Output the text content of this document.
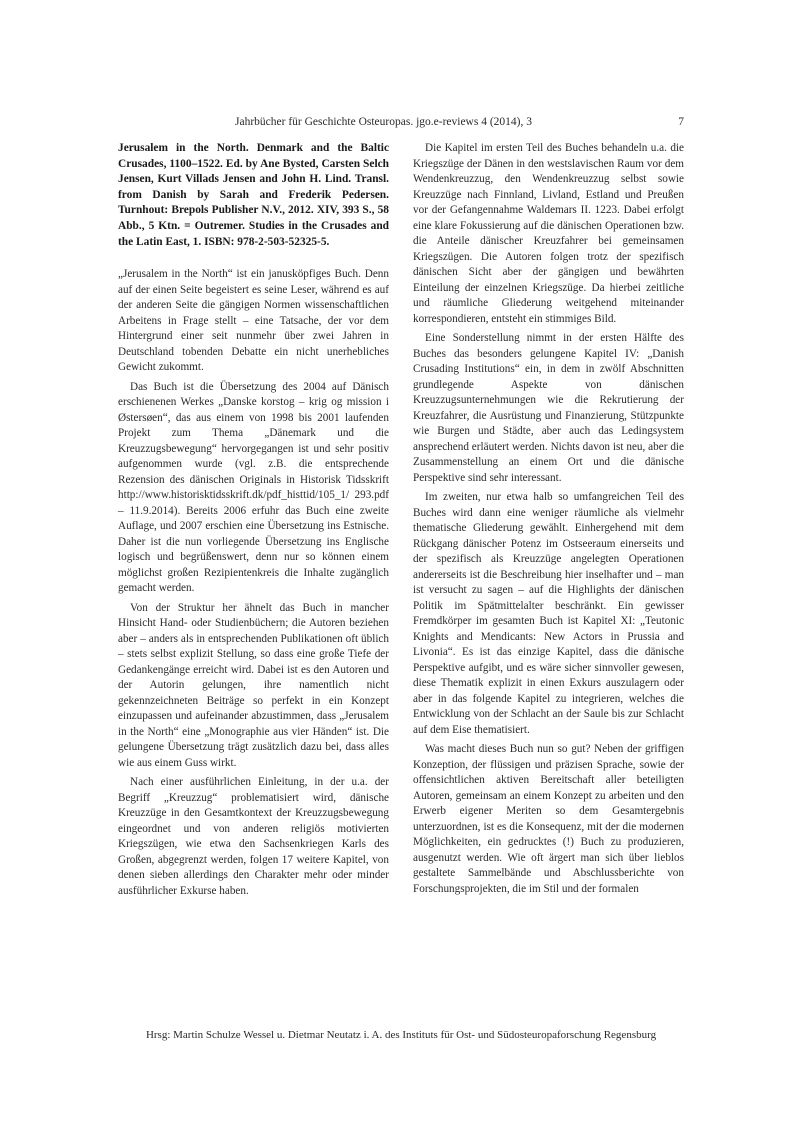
Jahrbücher für Geschichte Osteuropas. jgo.e-reviews 4 (2014), 3	7
Jerusalem in the North. Denmark and the Baltic Crusades, 1100–1522. Ed. by Ane Bysted, Carsten Selch Jensen, Kurt Villads Jensen and John H. Lind. Transl. from Danish by Sarah and Frederik Pedersen. Turnhout: Brepols Publisher N.V., 2012. XIV, 393 S., 58 Abb., 5 Ktn. = Outremer. Studies in the Crusades and the Latin East, 1. ISBN: 978-2-503-52325-5.

„Jerusalem in the North“ ist ein janusköpfiges Buch. Denn auf der einen Seite begeistert es seine Leser, während es auf der anderen Seite die gängigen Normen wissenschaftlichen Arbeitens in Frage stellt – eine Tatsache, der vor dem Hintergrund einer seit nunmehr über zwei Jahren in Deutschland tobenden Debatte ein nicht unerhebliches Gewicht zukommt.

Das Buch ist die Übersetzung des 2004 auf Dänisch erschienenen Werkes „Danske korstog – krig og mission i Østersøen“, das aus einem von 1998 bis 2001 laufenden Projekt zum Thema „Dänemark und die Kreuzzugsbewegung“ hervorgegangen ist und sehr positiv aufgenommen wurde (vgl. z.B. die entsprechende Rezension des dänischen Originals in Historisk Tidsskrift http://www.historisktidsskrift.dk/pdf_histtid/105_1/ 293.pdf – 11.9.2014). Bereits 2006 erfuhr das Buch eine zweite Auflage, und 2007 erschien eine Übersetzung ins Estnische. Daher ist die nun vorliegende Übersetzung ins Englische logisch und begrüßenswert, denn nur so können einem möglichst großen Rezipientenkreis die Inhalte zugänglich gemacht werden.

Von der Struktur her ähnelt das Buch in mancher Hinsicht Hand- oder Studienbüchern; die Autoren beziehen aber – anders als in entsprechenden Publikationen oft üblich – stets selbst explizit Stellung, so dass eine große Tiefe der Gedankengänge erreicht wird. Dabei ist es den Autoren und der Autorin gelungen, ihre namentlich nicht gekennzeichneten Beiträge so perfekt in ein Konzept einzupassen und aufeinander abzustimmen, dass „Jerusalem in the North“ eine „Monographie aus vier Händen“ ist. Die gelungene Übersetzung trägt zusätzlich dazu bei, dass alles wie aus einem Guss wirkt.

Nach einer ausführlichen Einleitung, in der u.a. der Begriff „Kreuzzug“ problematisiert wird, dänische Kreuzzüge in den Gesamtkontext der Kreuzzugsbewegung eingeordnet und von anderen religiös motivierten Kriegszügen, wie etwa den Sachsenkriegen Karls des Großen, abgegrenzt werden, folgen 17 weitere Kapitel, von denen sieben allerdings den Charakter mehr oder minder ausführlicher Exkurse haben.

Die Kapitel im ersten Teil des Buches behandeln u.a. die Kriegszüge der Dänen in den westslavischen Raum vor dem Wendenkreuzzug, den Wendenkreuzzug selbst sowie Kreuzzüge nach Finnland, Livland, Estland und Preußen vor der Gefangennahme Waldemars II. 1223. Dabei erfolgt eine klare Fokussierung auf die dänischen Operationen bzw. die Anteile dänischer Kreuzfahrer bei gemeinsamen Kriegszügen. Die Autoren folgen trotz der spezifisch dänischen Sicht aber der gängigen und bewährten Einteilung der einzelnen Kriegszüge. Da hierbei zeitliche und räumliche Gliederung weitgehend miteinander korrespondieren, entsteht ein stimmiges Bild.

Eine Sonderstellung nimmt in der ersten Hälfte des Buches das besonders gelungene Kapitel IV: „Danish Crusading Institutions“ ein, in dem in zwölf Abschnitten grundlegende Aspekte von dänischen Kreuzzugsunternehmungen wie die Rekrutierung der Kreuzfahrer, die Ausrüstung und Finanzierung, Stützpunkte wie Burgen und Städte, aber auch das Ledingsystem ansprechend erläutert werden. Nichts davon ist neu, aber die Zusammenstellung an einem Ort und die dänische Perspektive sind sehr interessant.

Im zweiten, nur etwa halb so umfangreichen Teil des Buches wird dann eine weniger räumliche als vielmehr thematische Gliederung gewählt. Einhergehend mit dem Rückgang dänischer Potenz im Ostseeraum einerseits und der spezifisch als Kreuzzüge angelegten Operationen andererseits ist die Beschreibung hier inselhafter und – man ist versucht zu sagen – auf die Highlights der dänischen Politik im Spätmittelalter beschränkt. Ein gewisser Fremdkörper im gesamten Buch ist Kapitel XI: „Teutonic Knights and Mendicants: New Actors in Prussia and Livonia“. Es ist das einzige Kapitel, dass die dänische Perspektive aufgibt, und es wäre sicher sinnvoller gewesen, diese Thematik explizit in einen Exkurs auszulagern oder aber in das folgende Kapitel zu integrieren, welches die Entwicklung von der Schlacht an der Saule bis zur Schlacht auf dem Eise thematisiert.

Was macht dieses Buch nun so gut? Neben der griffigen Konzeption, der flüssigen und präzisen Sprache, sowie der offensichtlichen aktiven Bereitschaft aller beteiligten Autoren, gemeinsam an einem Konzept zu arbeiten und den Erwerb eigener Meriten so dem Gesamtergebnis unterzuordnen, ist es die Konsequenz, mit der die modernen Möglichkeiten, ein gedrucktes (!) Buch zu produzieren, ausgenutzt werden. Wie oft ärgert man sich über lieblos gestaltete Sammelbände und Abschlussberichte von Forschungsprojekten, die im Stil und der formalen

Hrsg: Martin Schulze Wessel u. Dietmar Neutatz i. A. des Instituts für Ost- und Südosteuropaforschung Regensburg
